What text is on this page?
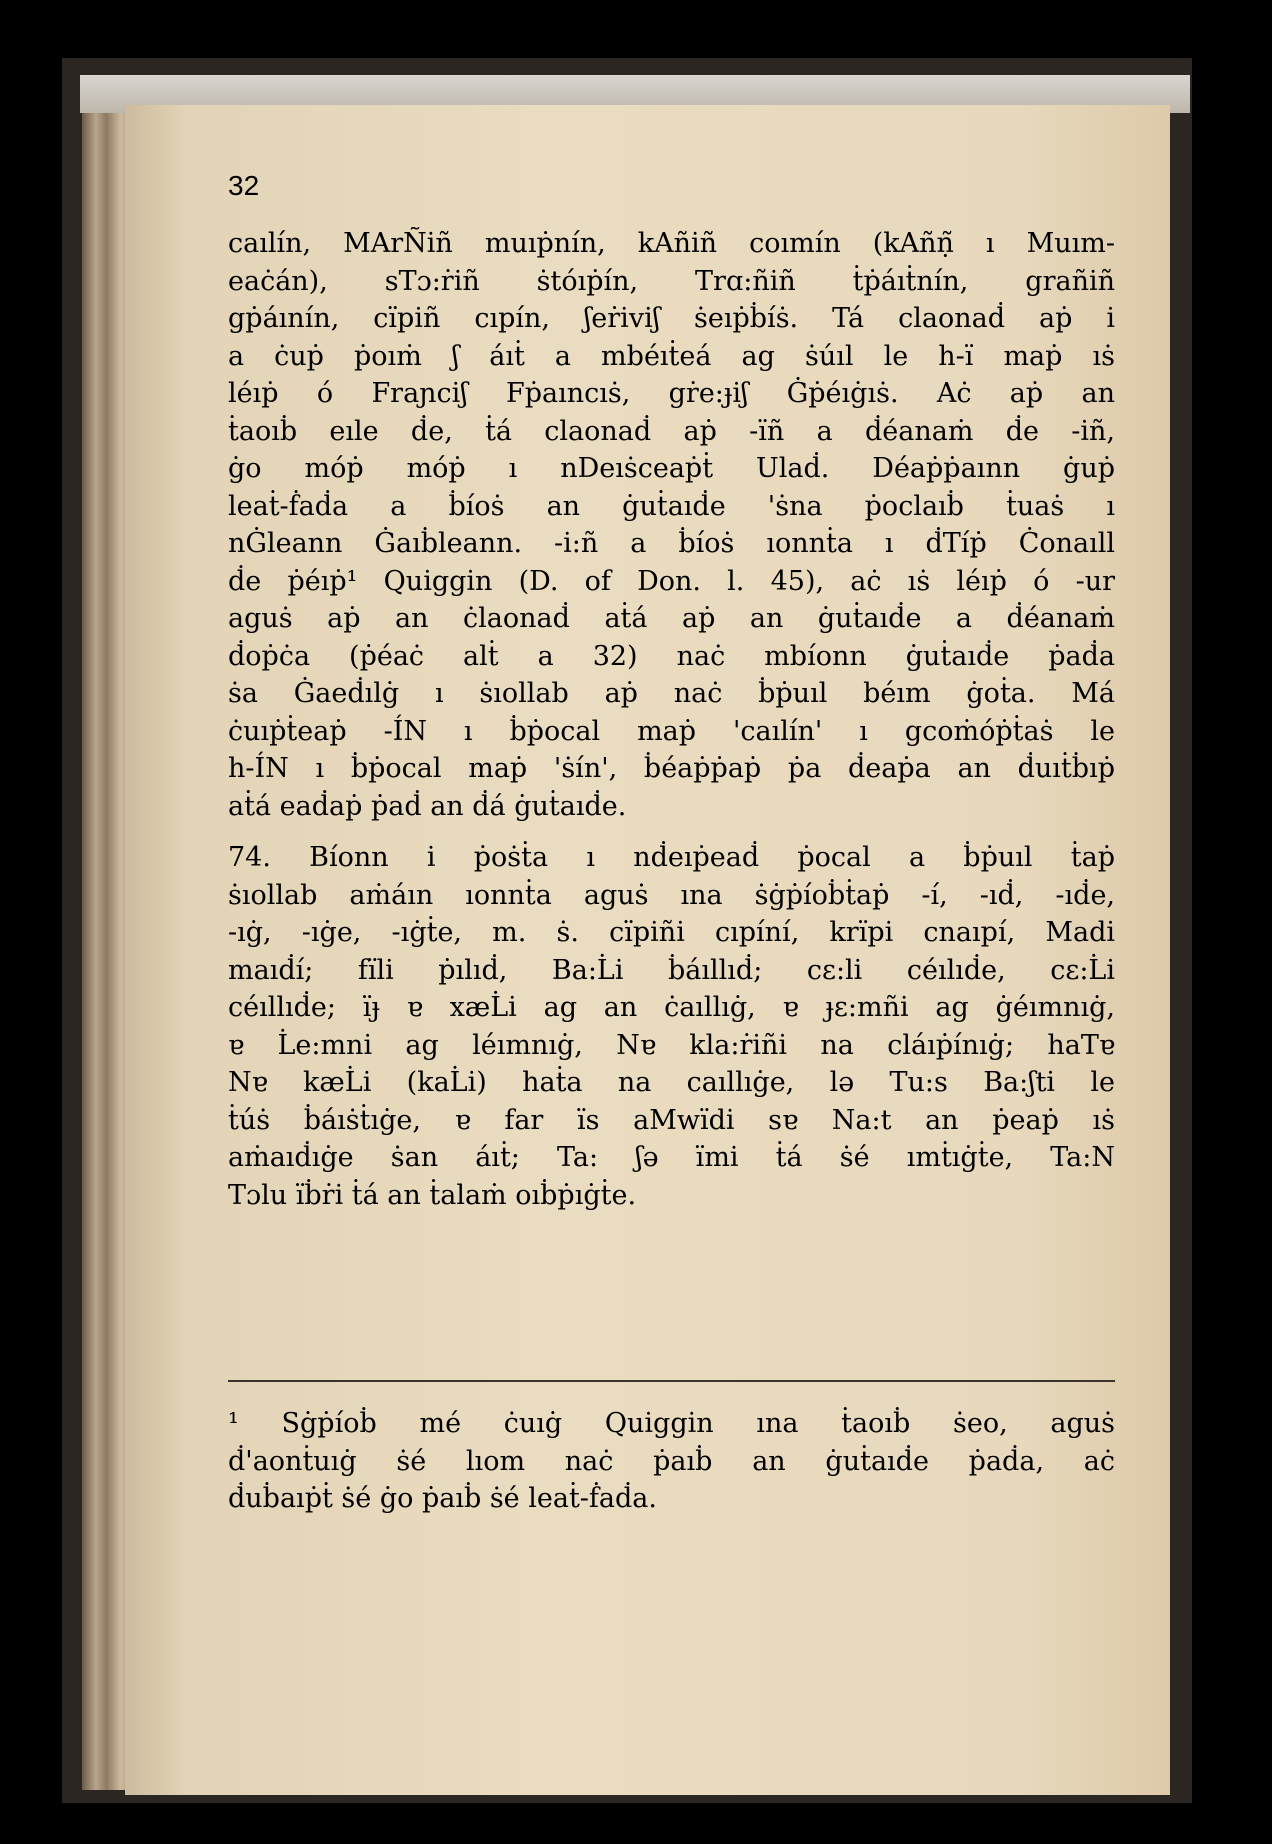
32
caılín, MArÑiñ muıṗnín, kAñiñ coımín (kAñṇ̃ ı Muım-
eaċán), sTɔ:ṙiñ ṡtóıṗín, Trɑ:ñiñ ṫṗáıṫnín, grañiñ
gṗáınín, cïpiñ cıpín, ʃeṙiviʃ ṡeıṗḃíṡ. Tá claonaḋ aṗ i
a ċuṗ ṗoıṁ ʃ áıṫ a mbéıṫeá ag ṡúıl le h-ï maṗ ıṡ
léıṗ ó Fraɲciʃ Fṗaıncıṡ, gṙe:ɟiʃ Ġṗéıġıṡ. Aċ aṗ an
ṫaoıḃ eıle ḋe, ṫá claonaḋ aṗ -ïñ a ḋéanaṁ ḋe -iñ,
ġo móṗ móṗ ı nDeıṡceaṗṫ Ulaḋ. Déaṗṗaınn ġuṗ
leaṫ-ḟaḋa a ḃíoṡ an ġuṫaıḋe 'ṡna ṗoclaıḃ ṫuaṡ ı
nĠleann Ġaıḃleann. -i:ñ a ḃíoṡ ıonnṫa ı ḋTíṗ Ċonaıll
ḋe ṗéıṗ¹ Quiggin (D. of Don. l. 45), aċ ıṡ léıṗ ó -ur
aguṡ aṗ an ċlaonaḋ aṫá aṗ an ġuṫaıḋe a ḋéanaṁ
ḋoṗċa (ṗéaċ alṫ a 32) naċ mbíonn ġuṫaıḋe ṗaḋa
ṡa Ġaeḋılġ ı ṡıollab aṗ naċ ḃṗuıl béım ġoṫa. Má
ċuıṗṫeaṗ -ÍN ı ḃṗocal maṗ 'caılín' ı gcoṁóṗṫaṡ le
h-ÍN ı ḃṗocal maṗ 'ṡín', ḃéaṗṗaṗ ṗa ḋeaṗa an ḋuıṫḃıṗ
aṫá eaḋaṗ ṗaḋ an ḋá ġuṫaıḋe.
74. Bíonn i ṗoṡṫa ı nḋeıṗeaḋ ṗocal a ḃṗuıl ṫaṗ
ṡıollab aṁáın ıonnṫa aguṡ ına ṡġṗíoḃṫaṗ -í, -ıḋ, -ıḋe,
-ıġ, -ıġe, -ıġṫe, m. ṡ. cïpiñi cıpíní, krïpi cnaıpí, Madi
maıḋí; fïli ṗılıḋ, Ba:L̇i ḃáıllıḋ; cɛ:li céılıḋe, cɛ:L̇i
céıllıḋe; ïɟ ɐ xæL̇i ag an ċaıllıġ, ɐ ɟɛ:mñi ag ġéımnıġ,
ɐ L̇e:mni ag léımnıġ, Nɐ kla:ṙiñi na cláıṗínıġ; haTɐ
Nɐ kæL̇i (kaL̇i) haṫa na caıllıġe, lə Tu:s Ba:ʃti le
ṫúṡ ḃáıṡṫıġe, ɐ far ïs aMwïdi sɐ Na:t an ṗeaṗ ıṡ
aṁaıḋıġe ṡan áıṫ; Ta: ʃə ïmi ṫá ṡé ımṫıġṫe, Ta:N
Tɔlu ïḃṙi ṫá an ṫalaṁ oıḃṗıġṫe.
¹ Sġṗíoḃ mé ċuıġ Quiggin ına ṫaoıḃ ṡeo, aguṡ
ḋ'aonṫuıġ ṡé lıom naċ ṗaıḃ an ġuṫaıḋe ṗaḋa, aċ
ḋuḃaıṗṫ ṡé ġo ṗaıḃ ṡé leaṫ-ḟaḋa.
